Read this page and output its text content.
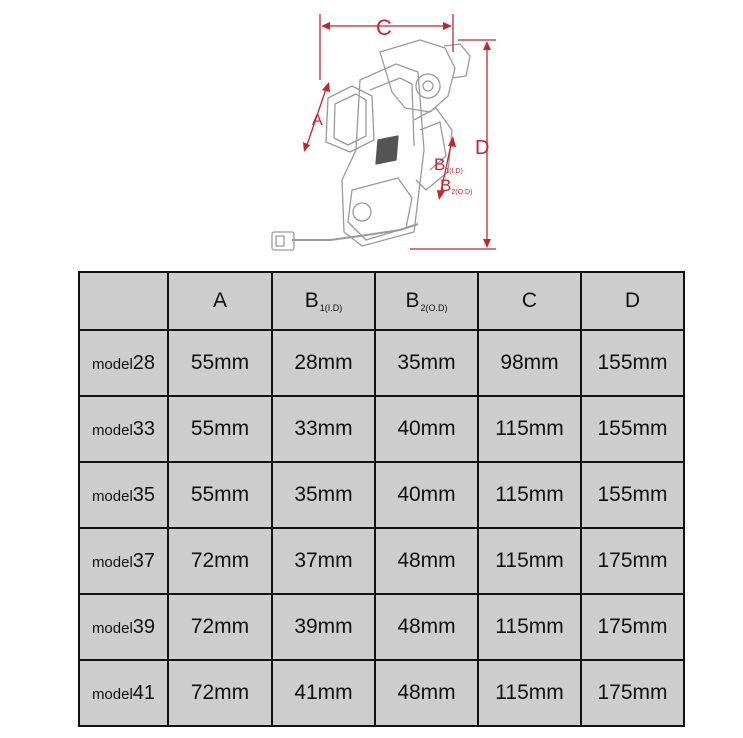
C
D
A
B1(I.D)
B2(O.D)
	A	B1(I.D)	B2(O.D)	C	D
model28	55mm	28mm	35mm	98mm	155mm
model33	55mm	33mm	40mm	115mm	155mm
model35	55mm	35mm	40mm	115mm	155mm
model37	72mm	37mm	48mm	115mm	175mm
model39	72mm	39mm	48mm	115mm	175mm
model41	72mm	41mm	48mm	115mm	175mm
